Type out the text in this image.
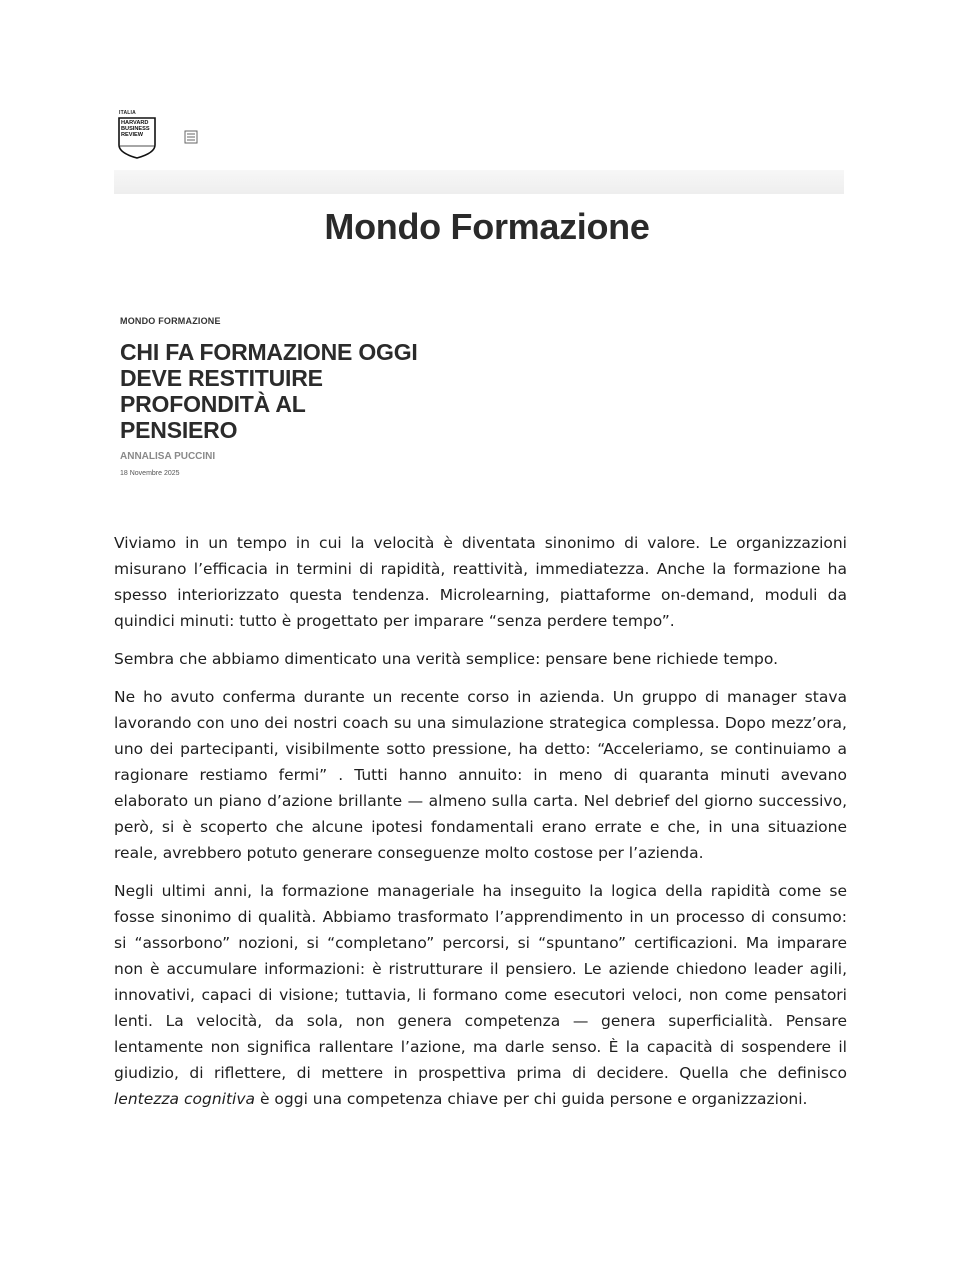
ITALIA
HARVARD
BUSINESS
REVIEW
Mondo Formazione
MONDO FORMAZIONE
CHI FA FORMAZIONE OGGI
DEVE RESTITUIRE
PROFONDITÀ AL
PENSIERO
ANNALISA PUCCINI
18 Novembre 2025

Viviamo in un tempo in cui la velocità è diventata sinonimo di valore. Le organizzazioni misurano l’efficacia in termini di rapidità, reattività, immediatezza. Anche la formazione ha spesso interiorizzato questa tendenza. Microlearning, piattaforme on-demand, moduli da quindici minuti: tutto è progettato per imparare “senza perdere tempo”.

Sembra che abbiamo dimenticato una verità semplice: pensare bene richiede tempo.

Ne ho avuto conferma durante un recente corso in azienda. Un gruppo di manager stava lavorando con uno dei nostri coach su una simulazione strategica complessa. Dopo mezz’ora, uno dei partecipanti, visibilmente sotto pressione, ha detto: “Acceleriamo, se continuiamo a ragionare restiamo fermi” . Tutti hanno annuito: in meno di quaranta minuti avevano elaborato un piano d’azione brillante — almeno sulla carta. Nel debrief del giorno successivo, però, si è scoperto che alcune ipotesi fondamentali erano errate e che, in una situazione reale, avrebbero potuto generare conseguenze molto costose per l’azienda.

Negli ultimi anni, la formazione manageriale ha inseguito la logica della rapidità come se fosse sinonimo di qualità. Abbiamo trasformato l’apprendimento in un processo di consumo: si “assorbono” nozioni, si “completano” percorsi, si “spuntano” certificazioni. Ma imparare non è accumulare informazioni: è ristrutturare il pensiero. Le aziende chiedono leader agili, innovativi, capaci di visione; tuttavia, li formano come esecutori veloci, non come pensatori lenti. La velocità, da sola, non genera competenza — genera superficialità. Pensare lentamente non significa rallentare l’azione, ma darle senso. È la capacità di sospendere il giudizio, di riflettere, di mettere in prospettiva prima di decidere. Quella che definisco lentezza cognitiva è oggi una competenza chiave per chi guida persone e organizzazioni.
